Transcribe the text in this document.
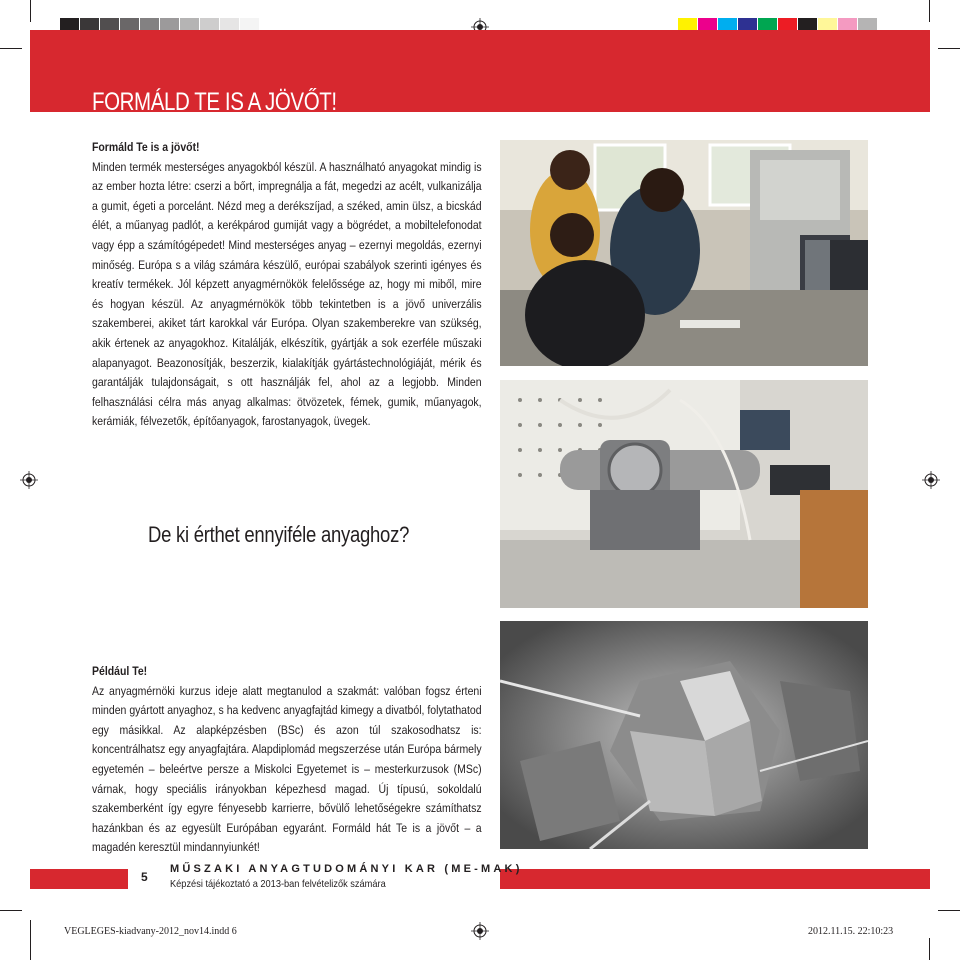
FORMÁLD TE IS A JÖVŐT!

Formáld Te is a jövőt!

Minden termék mesterséges anyagokból készül. A használható anyagokat mindig is az ember hozta létre: cserzi a bőrt, impregnálja a fát, megedzi az acélt, vulkanizálja a gumit, égeti a porcelánt. Nézd meg a derékszíjad, a széked, amin ülsz, a bicskád élét, a műanyag padlót, a kerékpárod gumiját vagy a bögrédet, a mobiltelefonodat vagy épp a számítógépedet! Mind mesterséges anyag – ezernyi megoldás, ezernyi minőség. Európa s a világ számára készülő, európai szabályok szerinti igényes és kreatív termékek. Jól képzett anyagmérnökök felelőssége az, hogy mi miből, mire és hogyan készül. Az anyagmérnökök több tekintetben is a jövő univerzális szakemberei, akiket tárt karokkal vár Európa. Olyan szakemberekre van szükség, akik értenek az anyagokhoz. Kitalálják, elkészítik, gyártják a sok ezerféle műszaki alapanyagot. Beazonosítják, beszerzik, kialakítják gyártástechnológiáját, mérik és garantálják tulajdonságait, s ott használják fel, ahol az a legjobb. Minden felhasználási célra más anyag alkalmas: ötvözetek, fémek, gumik, műanyagok, kerámiák, félvezetők, építőanyagok, farostanyagok, üvegek.

De ki érthet ennyiféle anyaghoz?

Például Te!

Az anyagmérnöki kurzus ideje alatt megtanulod a szakmát: valóban fogsz érteni minden gyártott anyaghoz, s ha kedvenc anyagfajtád kimegy a divatból, folytathatod egy másikkal. Az alapképzésben (BSc) és azon túl szakosodhatsz is: koncentrálhatsz egy anyagfajtára. Alapdiplomád megszerzése után Európa bármely egyetemén – beleértve persze a Miskolci Egyetemet is – mesterkurzusok (MSc) várnak, hogy speciális irányokban képezhesd magad. Új típusú, sokoldalú szakemberként így egyre fényesebb karrierre, bővülő lehetőségekre számíthatsz hazánkban és az egyesült Európában egyaránt. Formáld hát Te is a jövőt – a magadén keresztül mindannyiunkét!

5
MŰSZAKI ANYAGTUDOMÁNYI KAR (ME-MAK)
Képzési tájékoztató a 2013-ban felvételizők számára
VEGLEGES-kiadvany-2012_nov14.indd 6	2012.11.15. 22:10:23
